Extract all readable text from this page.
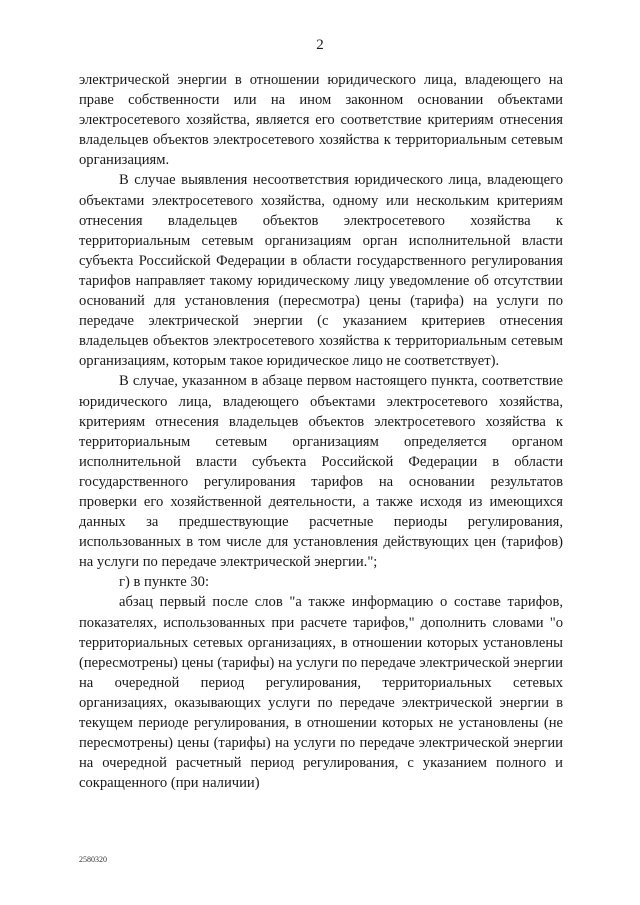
2

электрической энергии в отношении юридического лица, владеющего на праве собственности или на ином законном основании объектами электросетевого хозяйства, является его соответствие критериям отнесения владельцев объектов электросетевого хозяйства к территориальным сетевым организациям.

В случае выявления несоответствия юридического лица, владеющего объектами электросетевого хозяйства, одному или нескольким критериям отнесения владельцев объектов электросетевого хозяйства к территориальным сетевым организациям орган исполнительной власти субъекта Российской Федерации в области государственного регулирования тарифов направляет такому юридическому лицу уведомление об отсутствии оснований для установления (пересмотра) цены (тарифа) на услуги по передаче электрической энергии (с указанием критериев отнесения владельцев объектов электросетевого хозяйства к территориальным сетевым организациям, которым такое юридическое лицо не соответствует).

В случае, указанном в абзаце первом настоящего пункта, соответствие юридического лица, владеющего объектами электросетевого хозяйства, критериям отнесения владельцев объектов электросетевого хозяйства к территориальным сетевым организациям определяется органом исполнительной власти субъекта Российской Федерации в области государственного регулирования тарифов на основании результатов проверки его хозяйственной деятельности, а также исходя из имеющихся данных за предшествующие расчетные периоды регулирования, использованных в том числе для установления действующих цен (тарифов) на услуги по передаче электрической энергии.";

г) в пункте 30:

абзац первый после слов "а также информацию о составе тарифов, показателях, использованных при расчете тарифов," дополнить словами "о территориальных сетевых организациях, в отношении которых установлены (пересмотрены) цены (тарифы) на услуги по передаче электрической энергии на очередной период регулирования, территориальных сетевых организациях, оказывающих услуги по передаче электрической энергии в текущем периоде регулирования, в отношении которых не установлены (не пересмотрены) цены (тарифы) на услуги по передаче электрической энергии на очередной расчетный период регулирования, с указанием полного и сокращенного (при наличии)

2580320
